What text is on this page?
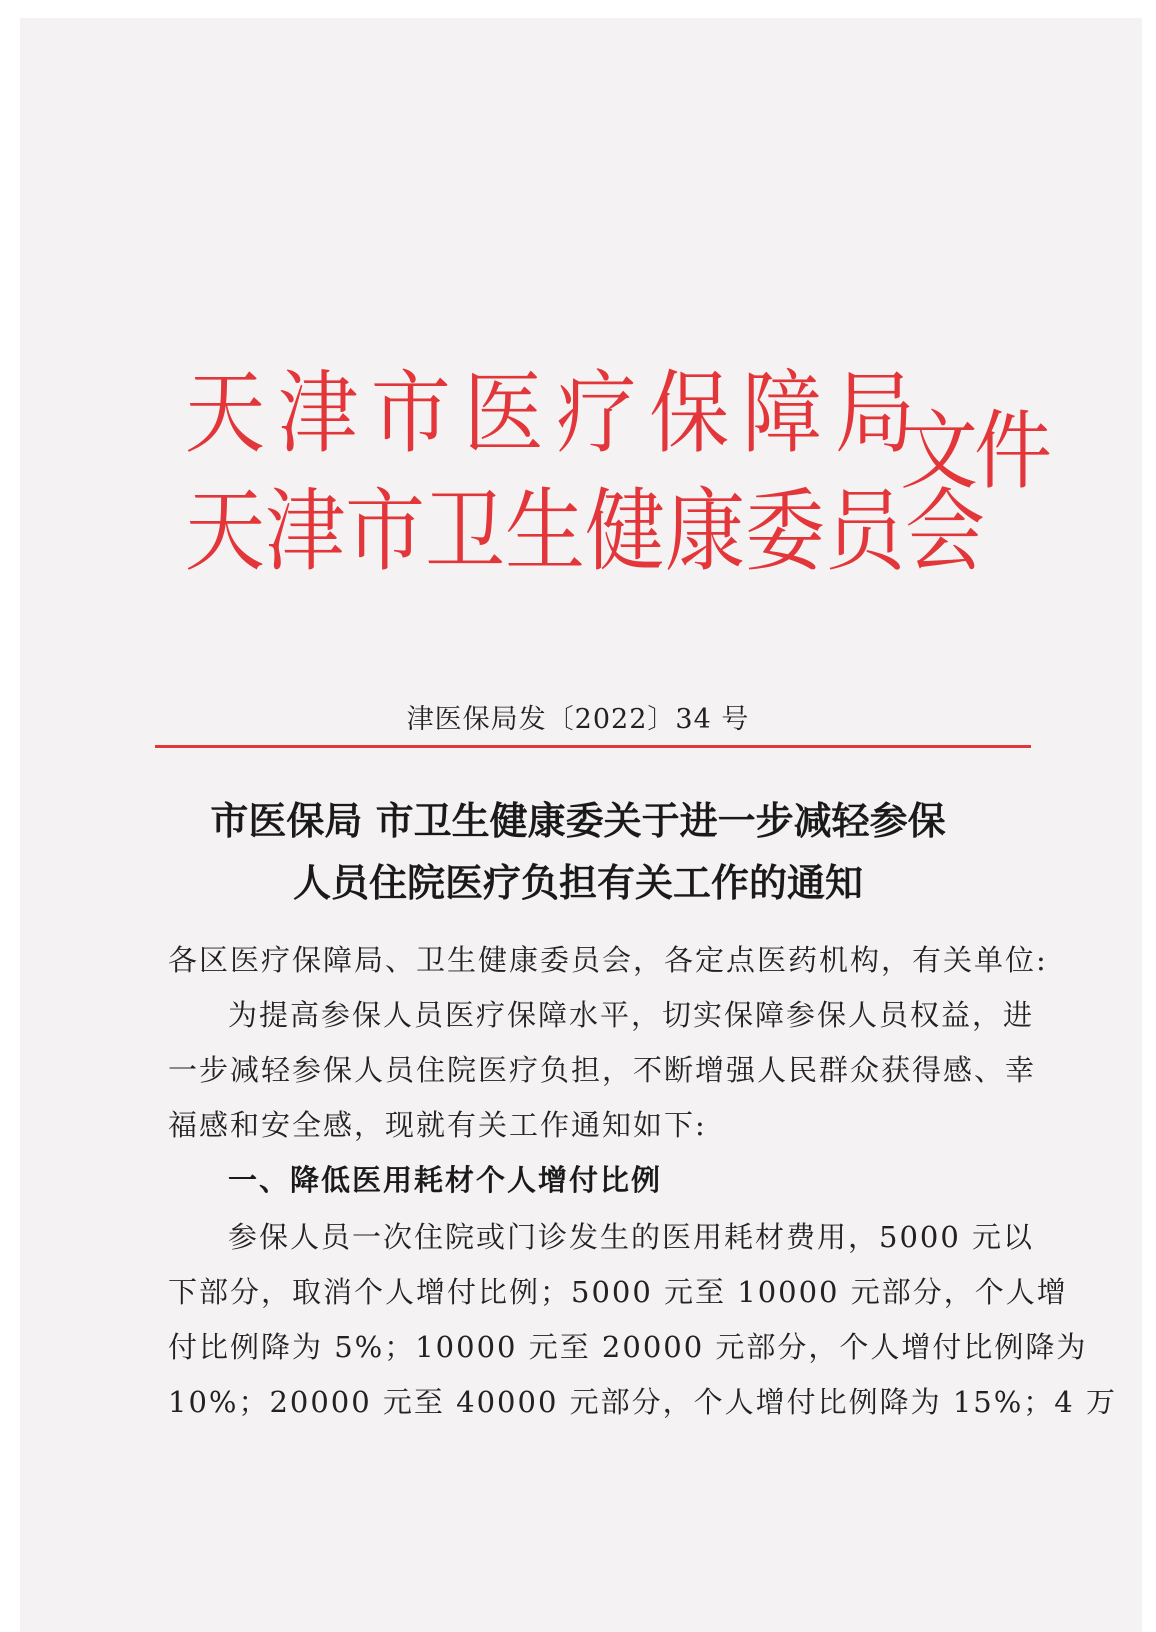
天 津 市 医 疗 保 障 局
天 津 市 卫 生 健 康 委 员 会
文件
津医保局发〔2022〕34 号
市医保局 市卫生健康委关于进一步减轻参保
人员住院医疗负担有关工作的通知
各区医疗保障局、卫生健康委员会，各定点医药机构，有关单位:
为提高参保人员医疗保障水平，切实保障参保人员权益，进
一步减轻参保人员住院医疗负担，不断增强人民群众获得感、幸
福感和安全感，现就有关工作通知如下:
一、降低医用耗材个人增付比例
参保人员一次住院或门诊发生的医用耗材费用，5000 元以
下部分，取消个人增付比例；5000 元至 10000 元部分，个人增
付比例降为 5%；10000 元至 20000 元部分，个人增付比例降为
10%；20000 元至 40000 元部分，个人增付比例降为 15%；4 万
